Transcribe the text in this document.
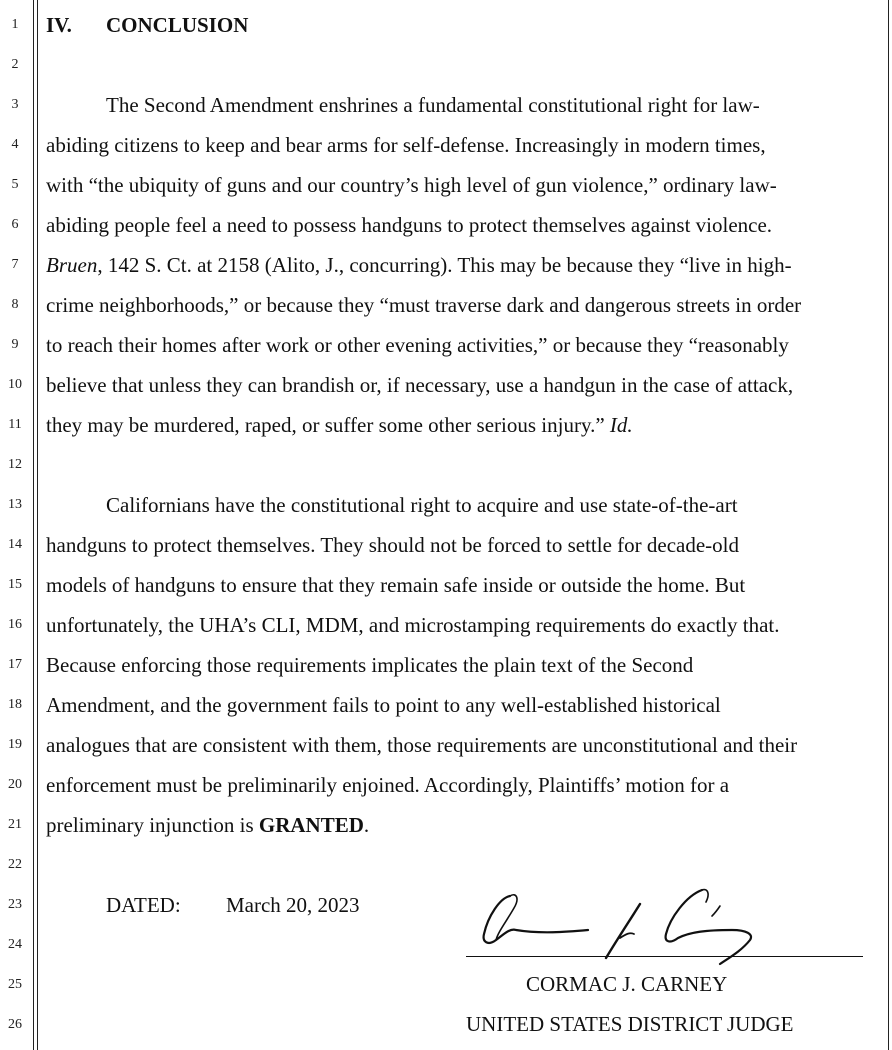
1
2
3
4
5
6
7
8
9
10
11
12
13
14
15
16
17
18
19
20
21
22
23
24
25
26
IV. CONCLUSION
The Second Amendment enshrines a fundamental constitutional right for law-
abiding citizens to keep and bear arms for self-defense. Increasingly in modern times,
with “the ubiquity of guns and our country’s high level of gun violence,” ordinary law-
abiding people feel a need to possess handguns to protect themselves against violence.
Bruen, 142 S. Ct. at 2158 (Alito, J., concurring). This may be because they “live in high-
crime neighborhoods,” or because they “must traverse dark and dangerous streets in order
to reach their homes after work or other evening activities,” or because they “reasonably
believe that unless they can brandish or, if necessary, use a handgun in the case of attack,
they may be murdered, raped, or suffer some other serious injury.” Id.
Californians have the constitutional right to acquire and use state-of-the-art
handguns to protect themselves. They should not be forced to settle for decade-old
models of handguns to ensure that they remain safe inside or outside the home. But
unfortunately, the UHA’s CLI, MDM, and microstamping requirements do exactly that.
Because enforcing those requirements implicates the plain text of the Second
Amendment, and the government fails to point to any well-established historical
analogues that are consistent with them, those requirements are unconstitutional and their
enforcement must be preliminarily enjoined. Accordingly, Plaintiffs’ motion for a
preliminary injunction is GRANTED.
DATED: March 20, 2023
CORMAC J. CARNEY
UNITED STATES DISTRICT JUDGE
